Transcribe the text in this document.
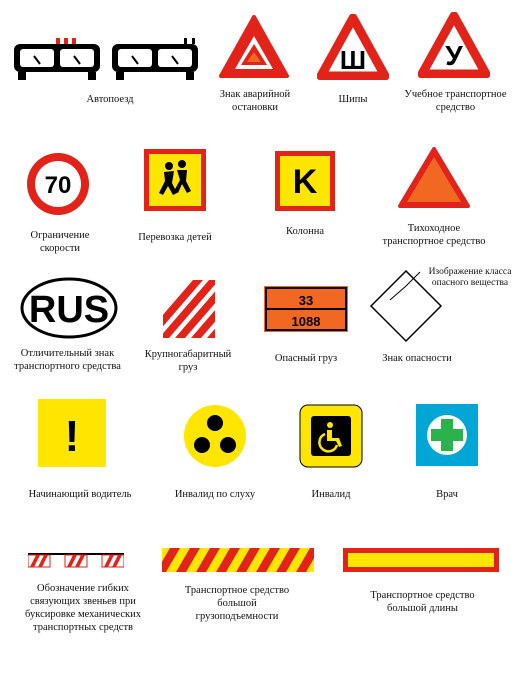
Автопоезд	Знак аварийной
остановки
Ш
Шипы
У
Учебное транспортное
средство
70
Ограничение
скорости
Перевозка детей
K
Колонна	Тихоходное
транспортное средство
RUS
Отличительный знак
транспортного средства
Крупногабаритный
груз
33
1088
Опасный груз
Изображение класса
опасного вещества
Знак опасности
!
Начинающий водитель	Инвалид по слуху	Инвалид	Врач
Обозначение гибких
связующих звеньев при
буксировке механических
транспортных средств
Транспортное средство
большой
грузоподъемности
Транспортное средство
большой длины
